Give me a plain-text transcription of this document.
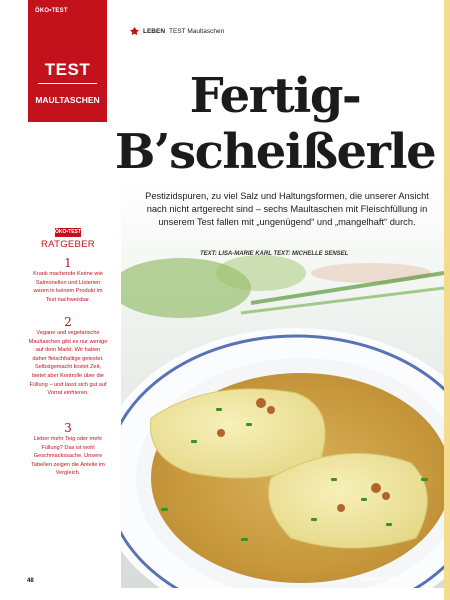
ÖKO•TEST
TEST
MAULTASCHEN
LEBEN TEST Maultaschen
Fertig-
B’scheißerle
Pestizidspuren, zu viel Salz und Haltungsformen, die unserer Ansicht nach nicht artgerecht sind – sechs Maultaschen mit Fleischfüllung in unserem Test fallen mit „ungenügend“ und „mangelhaft“ durch.
TEXT: LISA-MARIE KARL TEXT: MICHELLE SENSEL
ÖKO•TEST
RATGEBER
1
Krank machende Keime wie Salmonellen und Listerien waren in keinem Produkt im Test nachweisbar.
2
Vegane und vegetarische Maultaschen gibt es nur wenige auf dem Markt. Wir haben daher fleischhaltige getestet. Selbstgemacht kostet Zeit, bietet aber Kontrolle über die Füllung – und lässt sich gut auf Vorrat einfrieren.
3
Lieber mehr Teig oder mehr Füllung? Das ist wohl Geschmackssache. Unsere Tabellen zeigen die Anteile im Vergleich.
48	ÖKOTEST Magazin 11/2022
